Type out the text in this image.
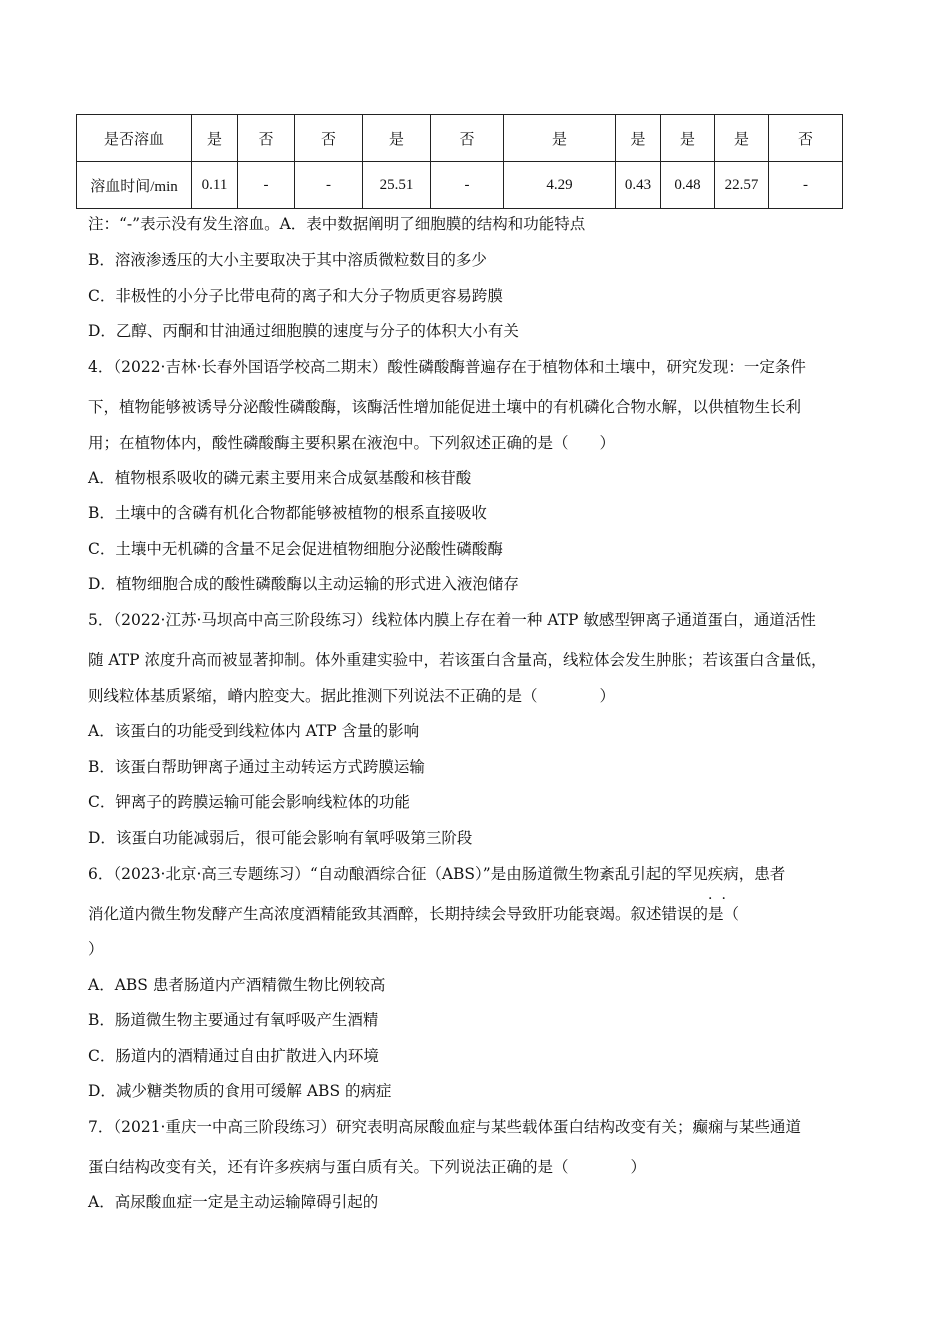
是否溶血	是	否	否	是	否	是	是	是	是	否
溶血时间/min	0.11	-	-	25.51	-	4.29	0.43	0.48	22.57	-
注：“-”表示没有发生溶血。A．表中数据阐明了细胞膜的结构和功能特点
B．溶液渗透压的大小主要取决于其中溶质微粒数目的多少
C．非极性的小分子比带电荷的离子和大分子物质更容易跨膜
D．乙醇、丙酮和甘油通过细胞膜的速度与分子的体积大小有关
4．（2022·吉林·长春外国语学校高二期末）酸性磷酸酶普遍存在于植物体和土壤中，研究发现：一定条件
下，植物能够被诱导分泌酸性磷酸酶，该酶活性增加能促进土壤中的有机磷化合物水解，以供植物生长利
用；在植物体内，酸性磷酸酶主要积累在液泡中。下列叙述正确的是（　　）
A．植物根系吸收的磷元素主要用来合成氨基酸和核苷酸
B．土壤中的含磷有机化合物都能够被植物的根系直接吸收
C．土壤中无机磷的含量不足会促进植物细胞分泌酸性磷酸酶
D．植物细胞合成的酸性磷酸酶以主动运输的形式进入液泡储存
5．（2022·江苏·马坝高中高三阶段练习）线粒体内膜上存在着一种 ATP 敏感型钾离子通道蛋白，通道活性
随 ATP 浓度升高而被显著抑制。体外重建实验中，若该蛋白含量高，线粒体会发生肿胀；若该蛋白含量低，
则线粒体基质紧缩，嵴内腔变大。据此推测下列说法不正确的是（　　　　）
A．该蛋白的功能受到线粒体内 ATP 含量的影响
B．该蛋白帮助钾离子通过主动转运方式跨膜运输
C．钾离子的跨膜运输可能会影响线粒体的功能
D．该蛋白功能减弱后，很可能会影响有氧呼吸第三阶段
6．（2023·北京·高三专题练习）“自动酿酒综合征（ABS）”是由肠道微生物紊乱引起的罕见疾病，患者
··
消化道内微生物发酵产生高浓度酒精能致其酒醉，长期持续会导致肝功能衰竭。叙述错误的是（
）
A．ABS 患者肠道内产酒精微生物比例较高
B．肠道微生物主要通过有氧呼吸产生酒精
C．肠道内的酒精通过自由扩散进入内环境
D．减少糖类物质的食用可缓解 ABS 的病症
7．（2021·重庆一中高三阶段练习）研究表明高尿酸血症与某些载体蛋白结构改变有关；癫痫与某些通道
蛋白结构改变有关，还有许多疾病与蛋白质有关。下列说法正确的是（　　　　）
A．高尿酸血症一定是主动运输障碍引起的
